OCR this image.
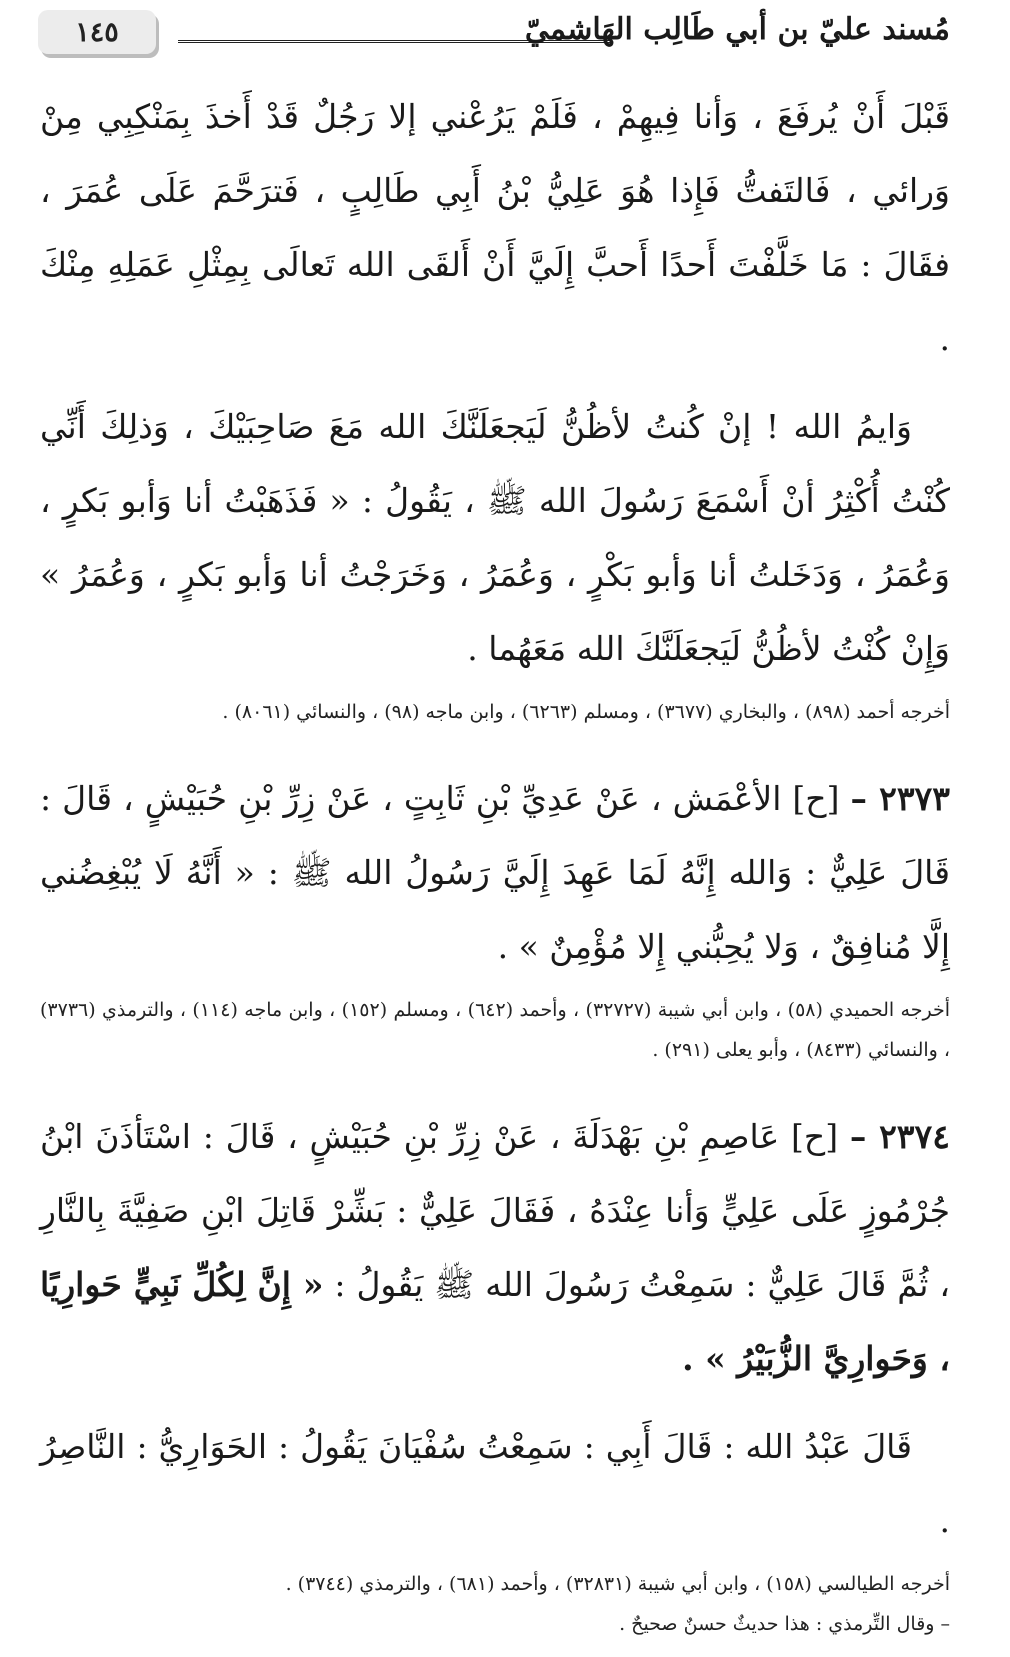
١٤٥	مُسند عليّ بن أبي طَالِب الهَاشميّ

قَبْلَ أَنْ يُرفَعَ ، وَأنا فِيهِمْ ، فَلَمْ يَرُعْني إلا رَجُلٌ قَدْ أَخذَ بِمَنْكِبِي مِنْ وَرائي ، فَالتَفتُّ فَإِذا هُوَ عَلِيُّ بْنُ أَبِي طَالِبٍ ، فَترَحَّمَ عَلَى عُمَرَ ، فقَالَ : مَا خَلَّفْتَ أَحدًا أَحبَّ إِلَيَّ أَنْ أَلقَى الله تَعالَى بِمِثْلِ عَمَلِهِ مِنْكَ .

وَايمُ الله ! إنْ كُنتُ لأظُنُّ لَيَجعَلَنَّكَ الله مَعَ صَاحِبَيْكَ ، وَذلِكَ أَنِّي كُنْتُ أُكْثِرُ أنْ أَسْمَعَ رَسُولَ الله ﷺ ، يَقُولُ : « فَذَهَبْتُ أنا وَأبو بَكرٍ ، وَعُمَرُ ، وَدَخَلتُ أنا وَأبو بَكْرٍ ، وَعُمَرُ ، وَخَرَجْتُ أنا وَأبو بَكرٍ ، وَعُمَرُ » وَإِنْ كُنْتُ لأظُنُّ لَيَجعَلَنَّكَ الله مَعَهُما .

أخرجه أحمد (٨٩٨) ، والبخاري (٣٦٧٧) ، ومسلم (٦٢٦٣) ، وابن ماجه (٩٨) ، والنسائي (٨٠٦١) .

٢٣٧٣ – [ح] الأعْمَش ، عَنْ عَدِيِّ بْنِ ثَابِتٍ ، عَنْ زِرِّ بْنِ حُبَيْشٍ ، قَالَ : قَالَ عَلِيٌّ : وَالله إِنَّهُ لَمَا عَهِدَ إِلَيَّ رَسُولُ الله ﷺ : « أَنَّهُ لَا يُبْغِضُني إِلَّا مُنافِقٌ ، وَلا يُحِبُّني إِلا مُؤْمِنٌ » .

أخرجه الحميدي (٥٨) ، وابن أبي شيبة (٣٢٧٢٧) ، وأحمد (٦٤٢) ، ومسلم (١٥٢) ، وابن ماجه (١١٤) ، والترمذي (٣٧٣٦) ، والنسائي (٨٤٣٣) ، وأبو يعلى (٢٩١) .

٢٣٧٤ – [ح] عَاصِمِ بْنِ بَهْدَلَةَ ، عَنْ زِرِّ بْنِ حُبَيْشٍ ، قَالَ : اسْتَأذَنَ ابْنُ جُرْمُوزٍ عَلَى عَلِيٍّ وَأنا عِنْدَهُ ، فَقَالَ عَلِيٌّ : بَشِّرْ قَاتِلَ ابْنِ صَفِيَّةَ بِالنَّارِ ، ثُمَّ قَالَ عَلِيٌّ : سَمِعْتُ رَسُولَ الله ﷺ يَقُولُ : « إِنَّ لِكُلِّ نَبِيٍّ حَوارِيًا ، وَحَوارِيَّ الزُّبَيْرُ » .

قَالَ عَبْدُ الله : قَالَ أَبِي : سَمِعْتُ سُفْيَانَ يَقُولُ : الحَوَارِيُّ : النَّاصِرُ .

أخرجه الطيالسي (١٥٨) ، وابن أبي شيبة (٣٢٨٣١) ، وأحمد (٦٨١) ، والترمذي (٣٧٤٤) .

– وقال التِّرمذي : هذا حديثٌ حسنٌ صحيحٌ .
